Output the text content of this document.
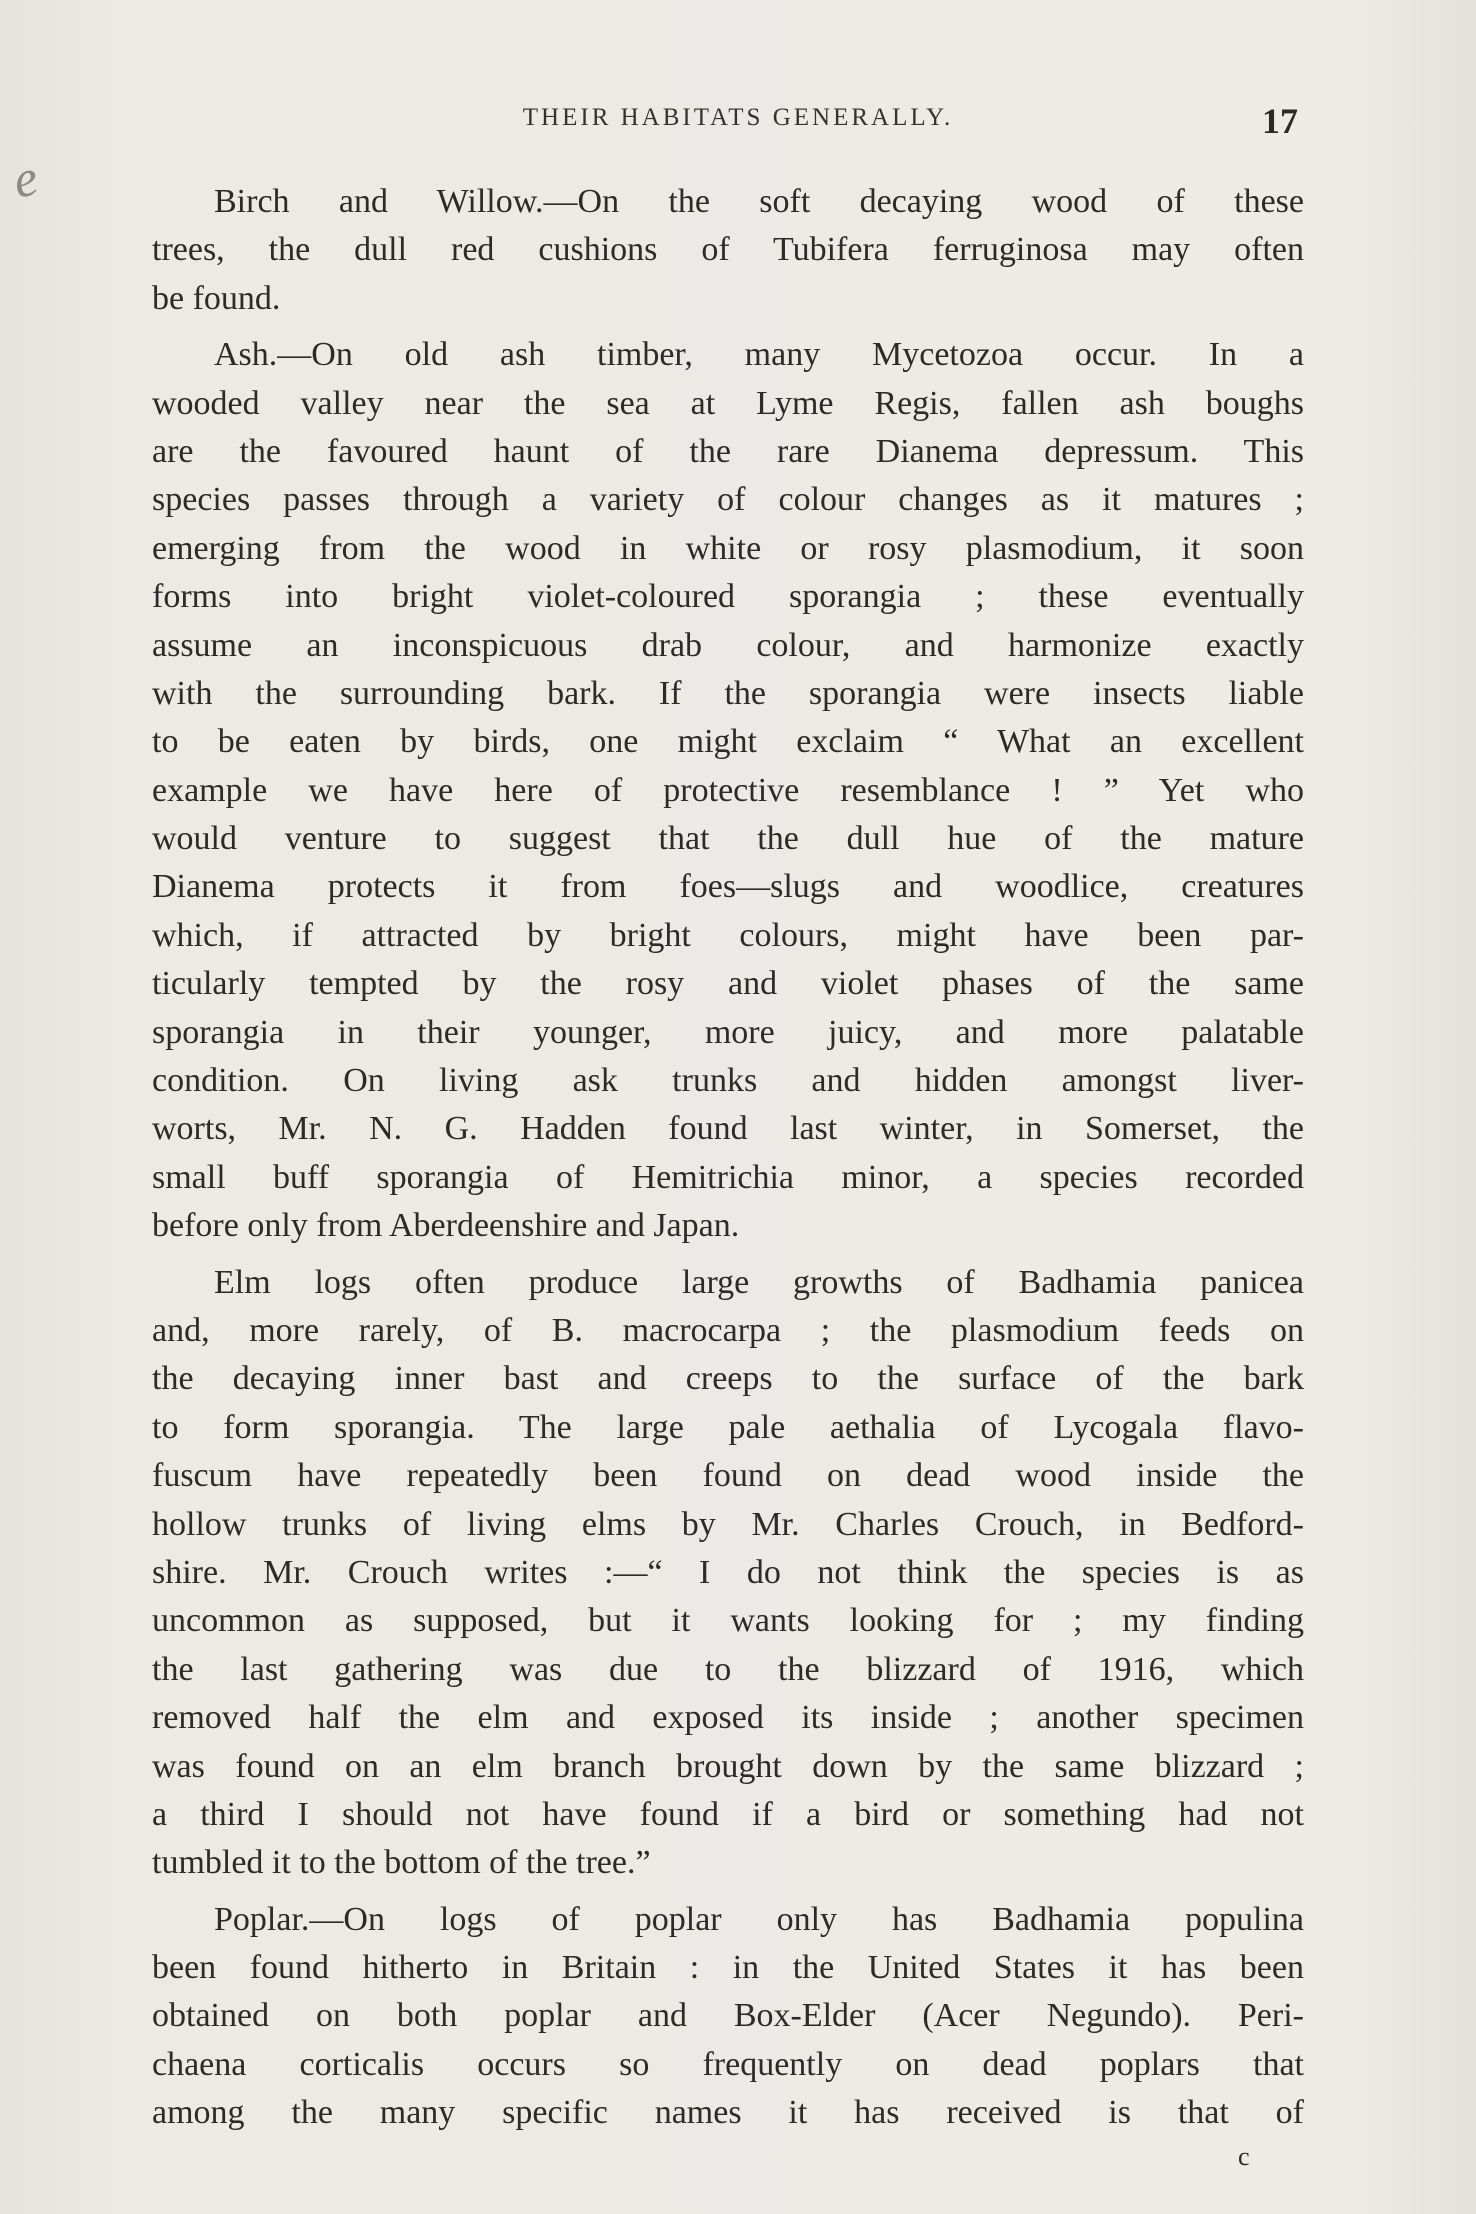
e
THEIR HABITATS GENERALLY.	17
Birch and Willow.—On the soft decaying wood of these
trees, the dull red cushions of Tubifera ferruginosa may often
be found.
Ash.—On old ash timber, many Mycetozoa occur. In a
wooded valley near the sea at Lyme Regis, fallen ash boughs
are the favoured haunt of the rare Dianema depressum. This
species passes through a variety of colour changes as it matures ;
emerging from the wood in white or rosy plasmodium, it soon
forms into bright violet-coloured sporangia ; these eventually
assume an inconspicuous drab colour, and harmonize exactly
with the surrounding bark. If the sporangia were insects liable
to be eaten by birds, one might exclaim “ What an excellent
example we have here of protective resemblance ! ” Yet who
would venture to suggest that the dull hue of the mature
Dianema protects it from foes—slugs and woodlice, creatures
which, if attracted by bright colours, might have been par-
ticularly tempted by the rosy and violet phases of the same
sporangia in their younger, more juicy, and more palatable
condition. On living ask trunks and hidden amongst liver-
worts, Mr. N. G. Hadden found last winter, in Somerset, the
small buff sporangia of Hemitrichia minor, a species recorded
before only from Aberdeenshire and Japan.
Elm logs often produce large growths of Badhamia panicea
and, more rarely, of B. macrocarpa ; the plasmodium feeds on
the decaying inner bast and creeps to the surface of the bark
to form sporangia. The large pale aethalia of Lycogala flavo-
fuscum have repeatedly been found on dead wood inside the
hollow trunks of living elms by Mr. Charles Crouch, in Bedford-
shire. Mr. Crouch writes :—“ I do not think the species is as
uncommon as supposed, but it wants looking for ; my finding
the last gathering was due to the blizzard of 1916, which
removed half the elm and exposed its inside ; another specimen
was found on an elm branch brought down by the same blizzard ;
a third I should not have found if a bird or something had not
tumbled it to the bottom of the tree.”
Poplar.—On logs of poplar only has Badhamia populina
been found hitherto in Britain : in the United States it has been
obtained on both poplar and Box-Elder (Acer Negundo). Peri-
chaena corticalis occurs so frequently on dead poplars that
among the many specific names it has received is that of
c
